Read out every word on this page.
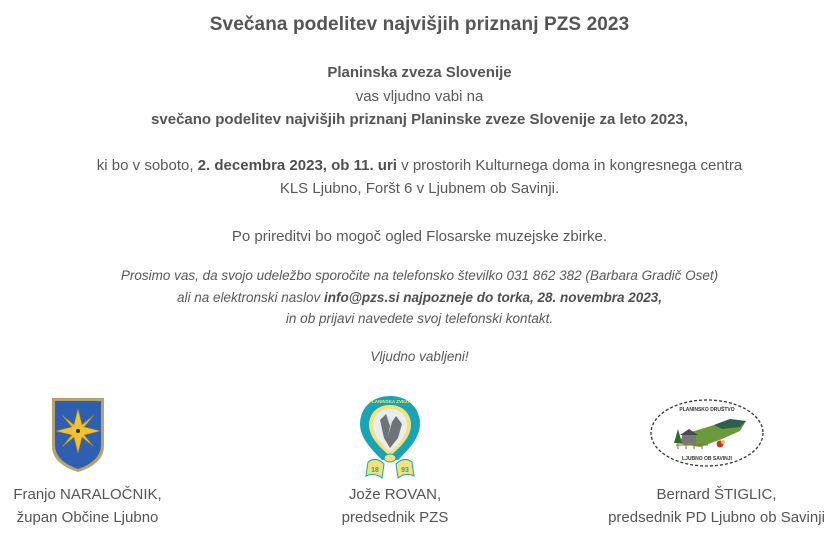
Svečana podelitev najvišjih priznanj PZS 2023
Planinska zveza Slovenije
vas vljudno vabi na
svečano podelitev najvišjih priznanj Planinske zveze Slovenije za leto 2023,
ki bo v soboto, 2. decembra 2023, ob 11. uri v prostorih Kulturnega doma in kongresnega centra
KLS Ljubno, Foršt 6 v Ljubnem ob Savinji.
Po prireditvi bo mogoč ogled Flosarske muzejske zbirke.
Prosimo vas, da svojo udeležbo sporočite na telefonsko številko 031 862 382 (Barbara Gradič Oset)
ali na elektronski naslov info@pzs.si najpozneje do torka, 28. novembra 2023,
in ob prijavi navedete svoj telefonski kontakt.
Vljudno vabljeni!
PLANINSKA ZVEZA
18	93
PLANINSKO DRUŠTVO
LJUBNO OB SAVINJI
Franjo NARALOČNIK,
župan Občine Ljubno
Jože ROVAN,
predsednik PZS
Bernard ŠTIGLIC,
predsednik PD Ljubno ob Savinji
